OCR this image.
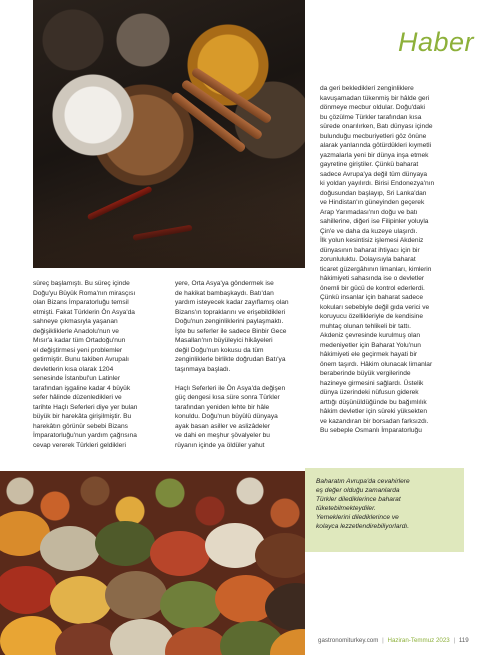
Haber

da geri beklediklerí zenginliklere
kavuşamadan tükenmiş bir hâlde geri
dönmeye mecbur oldular. Doğu'daki
bu çözülme Türkler tarafından kısa
sürede onarılırken, Batı dünyası içinde
bulunduğu mecburiyetleri göz önüne
alarak yanlarında götürdükleri kıymetli
yazmalarla yeni bir dünya inşa etmek
gayretine giriştiler. Çünkü baharat
sadece Avrupa'ya değil tüm dünyaya
ki yoldan yayılırdı. Birisi Endonezya'nın
doğusundan başlayıp, Sri Lanka'dan
ve Hindistan'ın güneyinden geçerek
Arap Yarımadası'nın doğu ve batı
sahillerine, diğeri ise Filipinler yoluyla
Çin'e ve daha da kuzeye ulaşırdı.
İlk yolun kesintisiz işlemesi Akdeniz
dünyasının baharat ihtiyacı için bir
zorunluluktu. Dolayısıyla baharat
ticaret güzergâhının limanları, kimlerin
hâkimiyeti sahasında ise o devletler
önemli bir gücü de kontrol ederlerdi.
Çünkü insanlar için baharat sadece
kokuları sebebiyle değil gıda verici ve
koruyucu özellikleriyle de kendisine
muhtaç olunan tehlikeli bir tattı.
Akdeniz çevresinde kurulmuş olan
medeniyetler için Baharat Yolu'nun
hâkimiyeti ele geçirmek hayati bir
önem taşırdı. Hâkim olunacak limanlar
beraberinde büyük vergilerinde
hazineye girmesini sağlardı. Üstelik
dünya üzerindeki nüfusun giderek
arttığı düşünüldüğünde bu bağımlılık
hâkim devletler için süreki yüksekten
ve kazandıran bir borsadan farksızdı.
Bu sebeple Osmanlı İmparatorluğu

süreç başlamıştı. Bu süreç içinde
Doğu'yu Büyük Roma'nın mirasçısı
olan Bizans İmparatorluğu temsil
etmişti. Fakat Türklerin Ön Asya'da
sahneye çıkmasıyla yaşanan
değişikliklerle Anadolu'nun ve
Mısır'a kadar tüm Ortadoğu'nun
el değiştirmesi yeni problemler
getirmiştir. Bunu takiben Avrupalı
devletlerin kısa olarak 1204
senesinde İstanbul'un Latinler
tarafından işgaline kadar 4 büyük
sefer hâlinde düzenledikleri ve
tarihte Haçlı Seferleri diye yer bulan
büyük bir harekâta girişilmiştir. Bu
harekâtın görünür sebebi Bizans
İmparatorluğu'nun yardım çağrısına
cevap vererek Türkleri geldikleri

yere, Orta Asya'ya göndermek ise
de hakikat bambaşkaydı. Batı'dan
yardım isteyecek kadar zayıflamış olan
Bizans'ın topraklarını ve erişebildikleri
Doğu'nun zenginliklerini paylaşmaktı.
İşte bu seferler ile sadece Binbir Gece
Masalları'nın büyüleyici hikâyeleri
değil Doğu'nun kokusu da tüm
zenginliklerle birlikte doğrudan Batı'ya
taşınmaya başladı.

Haçlı Seferleri ile Ön Asya'da değişen
güç dengesi kısa süre sonra Türkler
tarafından yeniden lehte bir hâle
konuldu. Doğu'nun büyülü dünyaya
ayak basan asiller ve aslizâdeler
ve dahi en meşhur şövalyeler bu
rüyanın içinde ya öldüler yahut

Baharatın Avrupa'da cevahirlere
eş değer olduğu zamanlarda
Türkler dilediklerince baharat
tüketebilmekteydiler.
Yemeklerini dilediklerince ve
kolayca lezzetlendirebiliyorlardı.

gastronomiturkey.com | Haziran-Temmuz 2023 | 119
